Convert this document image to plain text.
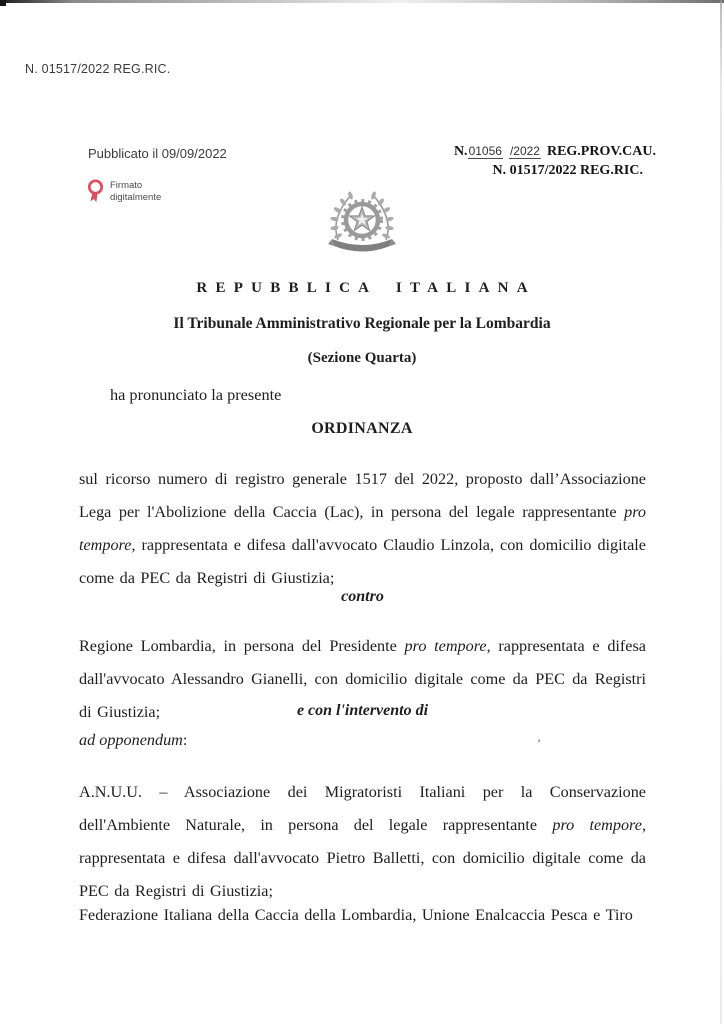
N. 01517/2022 REG.RIC.
Pubblicato il 09/09/2022
Firmato
digitalmente
N.01056 /2022 REG.PROV.CAU.
N. 01517/2022 REG.RIC.
REPUBBLICA ITALIANA
Il Tribunale Amministrativo Regionale per la Lombardia
(Sezione Quarta)
ha pronunciato la presente
ORDINANZA

sul ricorso numero di registro generale 1517 del 2022, proposto dall’Associazione Lega per l'Abolizione della Caccia (Lac), in persona del legale rappresentante pro tempore, rappresentata e difesa dall'avvocato Claudio Linzola, con domicilio digitale come da PEC da Registri di Giustizia;

contro

Regione Lombardia, in persona del Presidente pro tempore, rappresentata e difesa dall'avvocato Alessandro Gianelli, con domicilio digitale come da PEC da Registri di Giustizia;	e con l'intervento di
ad opponendum:

A.N.U.U. – Associazione dei Migratoristi Italiani per la Conservazione dell'Ambiente Naturale, in persona del legale rappresentante pro tempore, rappresentata e difesa dall'avvocato Pietro Balletti, con domicilio digitale come da PEC da Registri di Giustizia;

Federazione Italiana della Caccia della Lombardia, Unione Enalcaccia Pesca e Tiro

’
